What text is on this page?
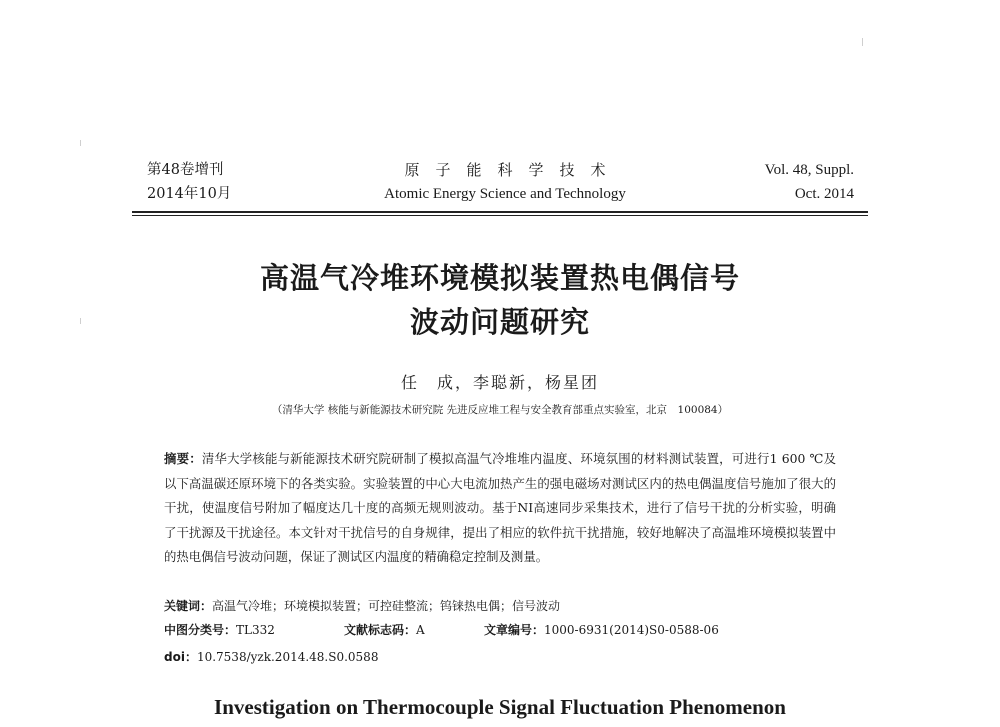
第48卷增刊
2014年10月
原子能科学技术
Atomic Energy Science and Technology
Vol. 48, Suppl.
Oct. 2014
高温气冷堆环境模拟装置热电偶信号
波动问题研究
任　成，李聪新，杨星团
（清华大学 核能与新能源技术研究院 先进反应堆工程与安全教育部重点实验室，北京　100084）
摘要：清华大学核能与新能源技术研究院研制了模拟高温气冷堆堆内温度、环境氛围的材料测试装置，可进行1 600 ℃及以下高温碳还原环境下的各类实验。实验装置的中心大电流加热产生的强电磁场对测试区内的热电偶温度信号施加了很大的干扰，使温度信号附加了幅度达几十度的高频无规则波动。基于NI高速同步采集技术，进行了信号干扰的分析实验，明确了干扰源及干扰途径。本文针对干扰信号的自身规律，提出了相应的软件抗干扰措施，较好地解决了高温堆环境模拟装置中的热电偶信号波动问题，保证了测试区内温度的精确稳定控制及测量。
关键词：高温气冷堆；环境模拟装置；可控硅整流；钨铼热电偶；信号波动
中图分类号：TL332	文献标志码：A	文章编号：1000-6931(2014)S0-0588-06
doi：10.7538/yzk.2014.48.S0.0588
Investigation on Thermocouple Signal Fluctuation Phenomenon
